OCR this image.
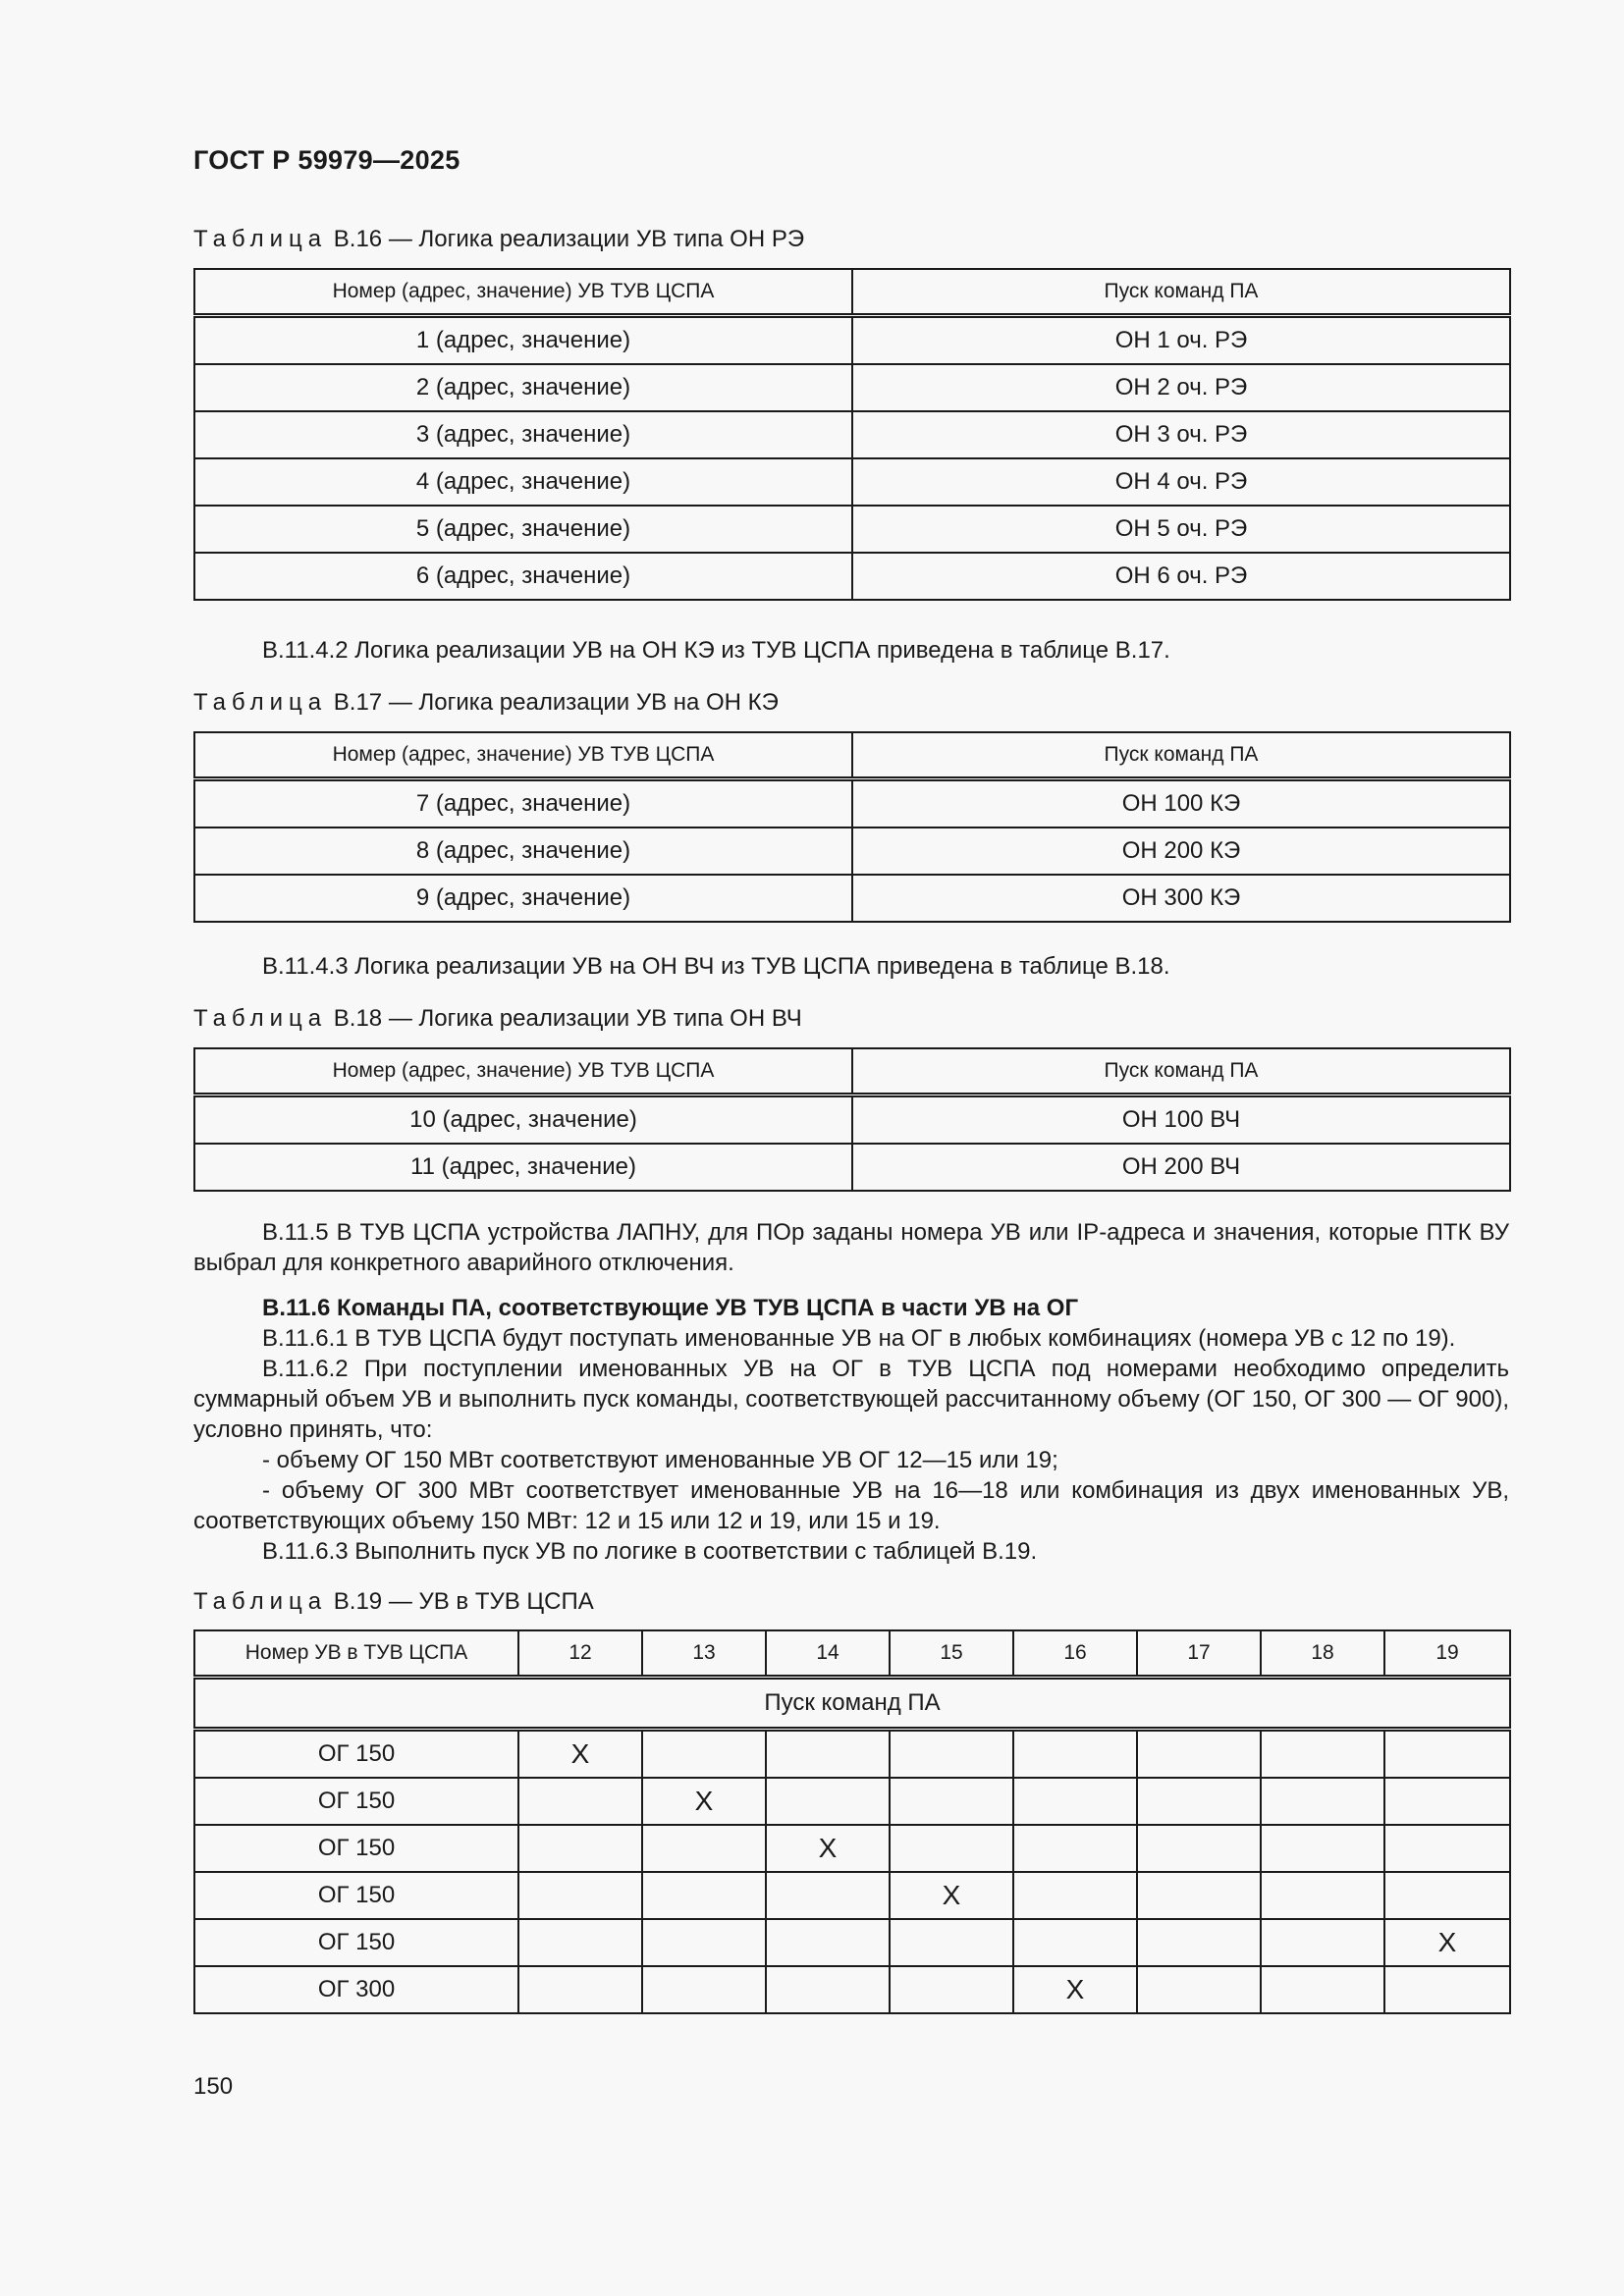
ГОСТ Р 59979—2025
Таблица В.16 — Логика реализации УВ типа ОН РЭ
Номер (адрес, значение) УВ ТУВ ЦСПА	Пуск команд ПА
1 (адрес, значение)	ОН 1 оч. РЭ
2 (адрес, значение)	ОН 2 оч. РЭ
3 (адрес, значение)	ОН 3 оч. РЭ
4 (адрес, значение)	ОН 4 оч. РЭ
5 (адрес, значение)	ОН 5 оч. РЭ
6 (адрес, значение)	ОН 6 оч. РЭ
В.11.4.2 Логика реализации УВ на ОН КЭ из ТУВ ЦСПА приведена в таблице В.17.
Таблица В.17 — Логика реализации УВ на ОН КЭ
Номер (адрес, значение) УВ ТУВ ЦСПА	Пуск команд ПА
7 (адрес, значение)	ОН 100 КЭ
8 (адрес, значение)	ОН 200 КЭ
9 (адрес, значение)	ОН 300 КЭ
В.11.4.3 Логика реализации УВ на ОН ВЧ из ТУВ ЦСПА приведена в таблице В.18.
Таблица В.18 — Логика реализации УВ типа ОН ВЧ
Номер (адрес, значение) УВ ТУВ ЦСПА	Пуск команд ПА
10 (адрес, значение)	ОН 100 ВЧ
11 (адрес, значение)	ОН 200 ВЧ
В.11.5 В ТУВ ЦСПА устройства ЛАПНУ, для ПОр заданы номера УВ или IP-адреса и значения, которые ПТК ВУ выбрал для конкретного аварийного отключения.
В.11.6 Команды ПА, соответствующие УВ ТУВ ЦСПА в части УВ на ОГ
В.11.6.1 В ТУВ ЦСПА будут поступать именованные УВ на ОГ в любых комбинациях (номера УВ с 12 по 19).
В.11.6.2 При поступлении именованных УВ на ОГ в ТУВ ЦСПА под номерами необходимо определить суммарный объем УВ и выполнить пуск команды, соответствующей рассчитанному объему (ОГ 150, ОГ 300 — ОГ 900), условно принять, что:
- объему ОГ 150 МВт соответствуют именованные УВ ОГ 12—15 или 19;
- объему ОГ 300 МВт соответствует именованные УВ на 16—18 или комбинация из двух именованных УВ, соответствующих объему 150 МВт: 12 и 15 или 12 и 19, или 15 и 19.
В.11.6.3 Выполнить пуск УВ по логике в соответствии с таблицей В.19.
Таблица В.19 — УВ в ТУВ ЦСПА
Номер УВ в ТУВ ЦСПА	12	13	14	15	16	17	18	19
Пуск команд ПА								
ОГ 150	Х							
ОГ 150		Х						
ОГ 150			Х					
ОГ 150				Х				
ОГ 150								Х
ОГ 300					Х			
150
